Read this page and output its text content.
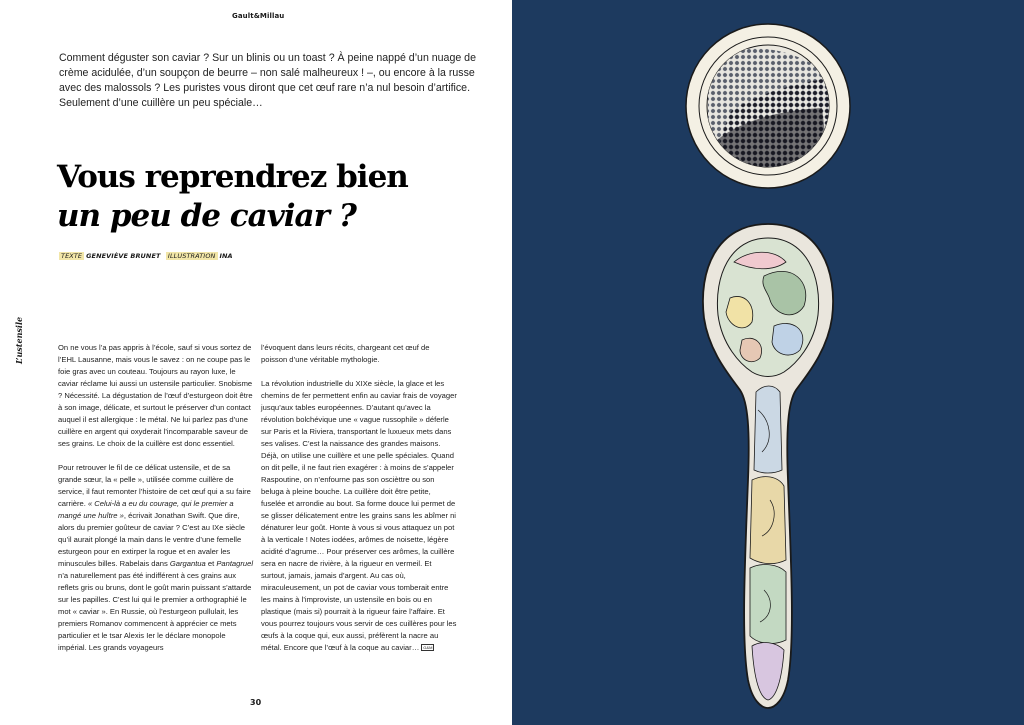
Gault&Millau

Comment déguster son caviar ? Sur un blinis ou un toast ? À peine nappé d’un nuage de crème acidulée, d’un soupçon de beurre – non salé malheureux ! –, ou encore à la russe avec des malossols ? Les puristes vous diront que cet œuf rare n’a nul besoin d’artifice. Seulement d’une cuillère un peu spéciale…

Vous reprendrez bien

un peu de caviar ?
TEXTE GENEVIÈVE BRUNET ILLUSTRATION INA
L’ustensile	On ne vous l’a pas appris à l’école, sauf si vous sortez de l’EHL Lausanne, mais vous le savez : on ne coupe pas le foie gras avec un couteau. Toujours au rayon luxe, le caviar réclame lui aussi un ustensile particulier. Snobisme ? Nécessité. La dégustation de l’œuf d’esturgeon doit être à son image, délicate, et surtout le préserver d’un contact auquel il est allergique : le métal. Ne lui parlez pas d’une cuillère en argent qui oxyderait l’incomparable saveur de ses grains. Le choix de la cuillère est donc essentiel.

Pour retrouver le fil de ce délicat ustensile, et de sa grande sœur, la « pelle », utilisée comme cuillère de service, il faut remonter l’histoire de cet œuf qui a su faire carrière. « Celui-là a eu du courage, qui le premier a mangé une huître », écrivait Jonathan Swift. Que dire, alors du premier goûteur de caviar ? C’est au IXe siècle qu’il aurait plongé la main dans le ventre d’une femelle esturgeon pour en extirper la rogue et en avaler les minuscules billes. Rabelais dans Gargantua et Pantagruel n’a naturellement pas été indifférent à ces grains aux reflets gris ou bruns, dont le goût marin puissant s’attarde sur les papilles. C’est lui qui le premier a orthographié le mot « caviar ». En Russie, où l’esturgeon pullulait, les premiers Romanov commencent à apprécier ce mets particulier et le tsar Alexis Ier le déclare monopole impérial. Les grands voyageurs

l’évoquent dans leurs récits, chargeant cet œuf de poisson d’une véritable mythologie.

La révolution industrielle du XIXe siècle, la glace et les chemins de fer permettent enfin au caviar frais de voyager jusqu’aux tables européennes. D’autant qu’avec la révolution bolchévique une « vague russophile » déferle sur Paris et la Riviera, transportant le luxueux mets dans ses valises. C’est la naissance des grandes maisons. Déjà, on utilise une cuillère et une pelle spéciales. Quand on dit pelle, il ne faut rien exagérer : à moins de s’appeler Raspoutine, on n’enfourne pas son oscièttre ou son beluga à pleine bouche. La cuillère doit être petite, fuselée et arrondie au bout. Sa forme douce lui permet de se glisser délicatement entre les grains sans les abîmer ni dénaturer leur goût. Honte à vous si vous attaquez un pot à la verticale ! Notes iodées, arômes de noisette, légère acidité d’agrume… Pour préserver ces arômes, la cuillère sera en nacre de rivière, à la rigueur en vermeil. Et surtout, jamais, jamais d’argent. Au cas où, miraculeusement, un pot de caviar vous tomberait entre les mains à l’improviste, un ustensile en bois ou en plastique (mais si) pourrait à la rigueur faire l’affaire. Et vous pourrez toujours vous servir de ces cuillères pour les œufs à la coque qui, eux aussi, préfèrent la nacre au métal. Encore que l’œuf à la coque au caviar… G&M

30
